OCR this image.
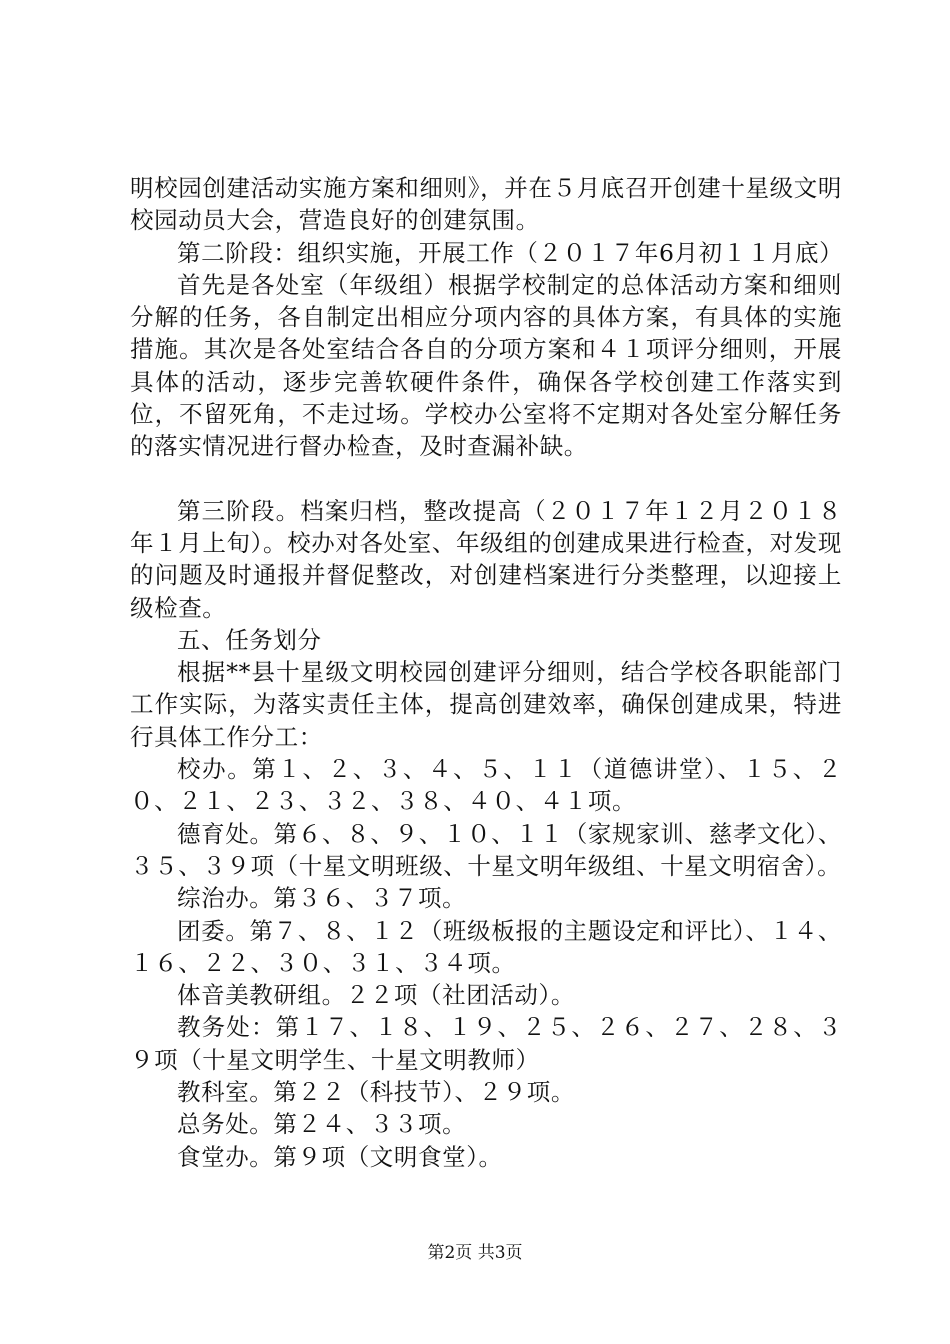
明校园创建活动实施方案和细则》，并在５月底召开创建十星级文明校园动员大会，营造良好的创建氛围。

第二阶段：组织实施，开展工作（２０１７年6月初１１月底）

首先是各处室（年级组）根据学校制定的总体活动方案和细则分解的任务，各自制定出相应分项内容的具体方案，有具体的实施措施。其次是各处室结合各自的分项方案和４１项评分细则，开展具体的活动，逐步完善软硬件条件，确保各学校创建工作落实到位，不留死角，不走过场。学校办公室将不定期对各处室分解任务的落实情况进行督办检查，及时查漏补缺。

第三阶段。档案归档，整改提高（２０１７年１２月２０１８年１月上旬）。校办对各处室、年级组的创建成果进行检查，对发现的问题及时通报并督促整改，对创建档案进行分类整理，以迎接上级检查。

五、任务划分

根据**县十星级文明校园创建评分细则，结合学校各职能部门工作实际，为落实责任主体，提高创建效率，确保创建成果，特进行具体工作分工：

校办。第１、２、３、４、５、１１（道德讲堂）、１５、２０、２１、２３、３２、３８、４０、４１项。

德育处。第６、８、９、１０、１１（家规家训、慈孝文化）、３５、３９项（十星文明班级、十星文明年级组、十星文明宿舍）。

综治办。第３６、３７项。

团委。第７、８、１２（班级板报的主题设定和评比）、１４、１６、２２、３０、３１、３４项。

体音美教研组。２２项（社团活动）。

教务处：第１７、１８、１９、２５、２６、２７、２８、３９项（十星文明学生、十星文明教师）

教科室。第２２（科技节）、２９项。

总务处。第２４、３３项。

食堂办。第９项（文明食堂）。

第2页 共3页
